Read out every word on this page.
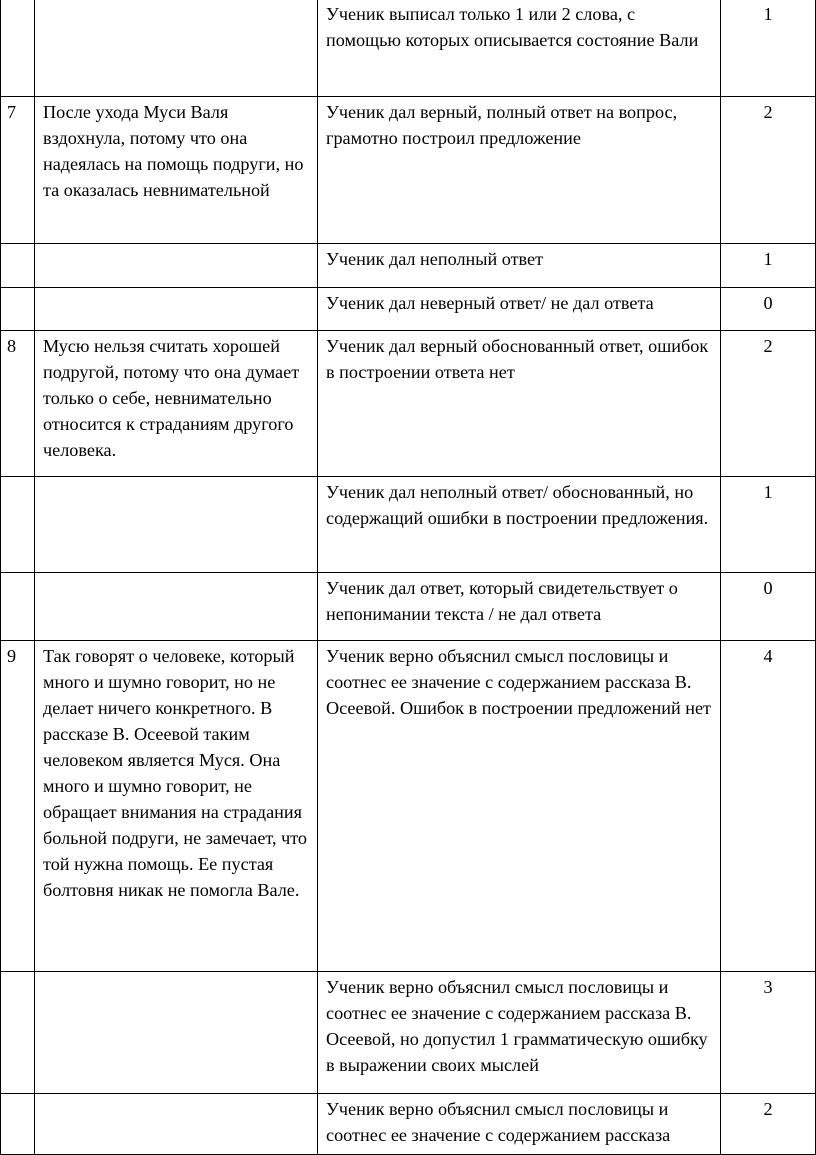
		Ученик выписал только 1 или 2 слова, с помощью которых описывается состояние Вали	1
7	После ухода Муси Валя вздохнула, потому что она надеялась на помощь подруги, но та оказалась невнимательной	Ученик дал верный, полный ответ на вопрос, грамотно построил предложение	2
		Ученик дал неполный ответ	1
		Ученик дал неверный ответ/ не дал ответа	0
8	Мусю нельзя считать хорошей подругой, потому что она думает только о себе, невнимательно относится к страданиям другого человека.	Ученик дал верный обоснованный ответ, ошибок в построении ответа нет	2
		Ученик дал неполный ответ/ обоснованный, но содержащий ошибки в построении предложения.	1
		Ученик дал ответ, который свидетельствует о непонимании текста / не дал ответа	0
9	Так говорят о человеке, который много и шумно говорит, но не делает ничего конкретного. В рассказе В. Осеевой таким человеком является Муся. Она много и шумно говорит, не обращает внимания на страдания больной подруги, не замечает, что той нужна помощь. Ее пустая болтовня никак не помогла Вале.	Ученик верно объяснил смысл пословицы и соотнес ее значение с содержанием рассказа В. Осеевой. Ошибок в построении предложений нет	4
		Ученик верно объяснил смысл пословицы и соотнес ее значение с содержанием рассказа В. Осеевой, но допустил 1 грамматическую ошибку в выражении своих мыслей	3
		Ученик верно объяснил смысл пословицы и соотнес ее значение с содержанием рассказа	2
